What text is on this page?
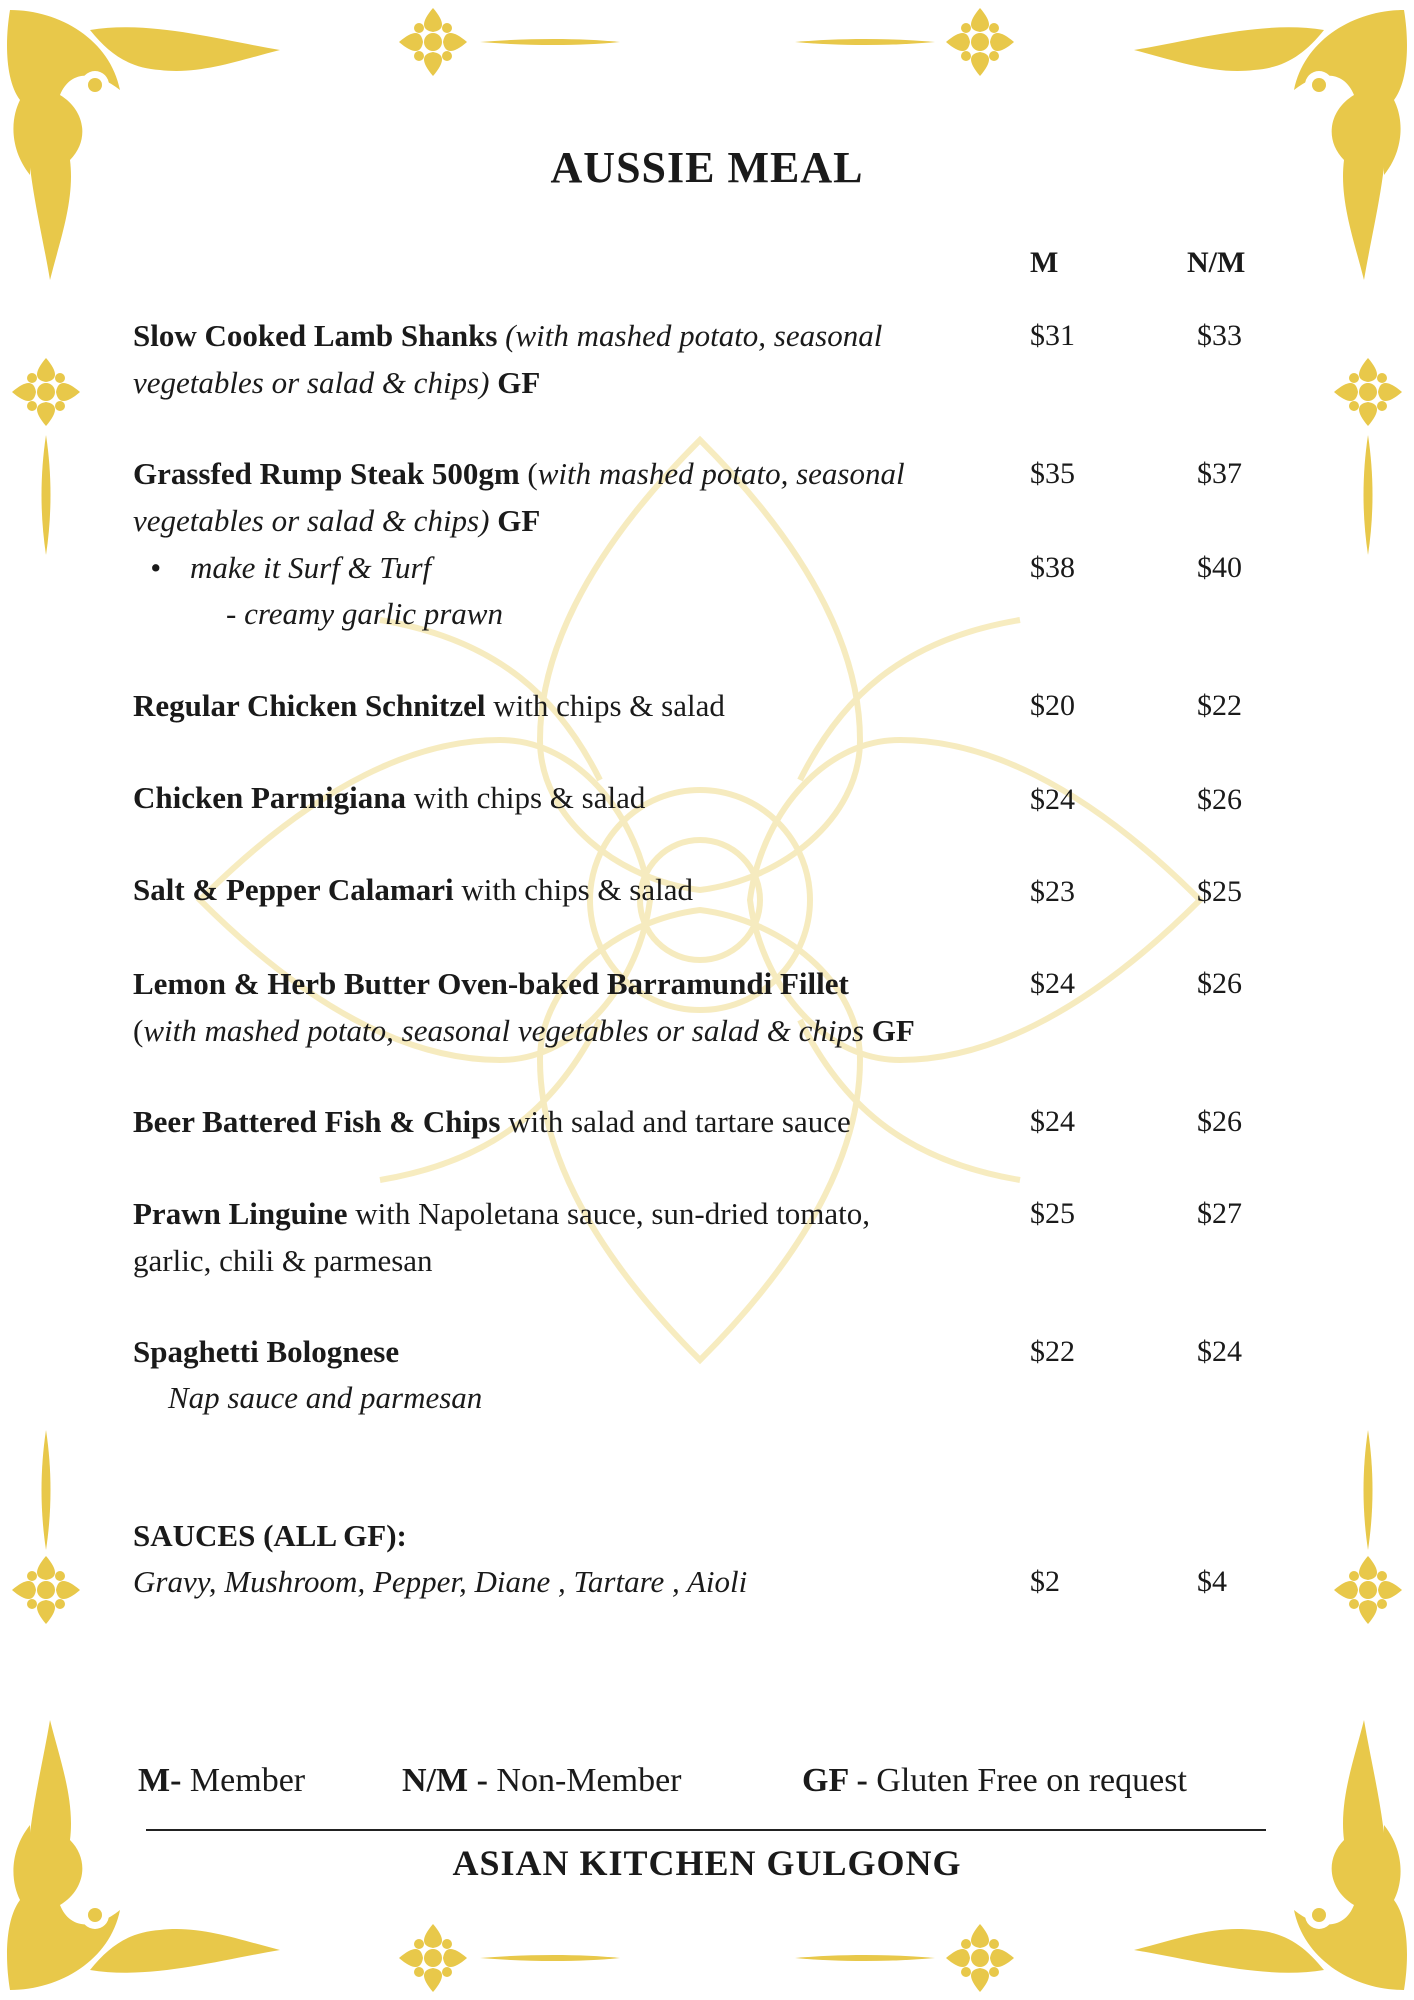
AUSSIE MEAL
M	N/M
Slow Cooked Lamb Shanks (with mashed potato, seasonal
vegetables or salad & chips) GF
$31	$33
Grassfed Rump Steak 500gm (with mashed potato, seasonal
vegetables or salad & chips) GF
$35	$37
• make it Surf & Turf
- creamy garlic prawn
$38	$40
Regular Chicken Schnitzel with chips & salad	$20	$22
Chicken Parmigiana with chips & salad	$24	$26
Salt & Pepper Calamari with chips & salad	$23	$25
Lemon & Herb Butter Oven-baked Barramundi Fillet
(with mashed potato, seasonal vegetables or salad & chips GF
$24	$26
Beer Battered Fish & Chips with salad and tartare sauce	$24	$26
Prawn Linguine with Napoletana sauce, sun-dried tomato,
garlic, chili & parmesan
$25	$27
Spaghetti Bolognese
Nap sauce and parmesan
$22	$24
SAUCES (ALL GF):
Gravy, Mushroom, Pepper, Diane , Tartare , Aioli	$2	$4
M- Member	N/M - Non-Member	GF - Gluten Free on request
ASIAN KITCHEN GULGONG
